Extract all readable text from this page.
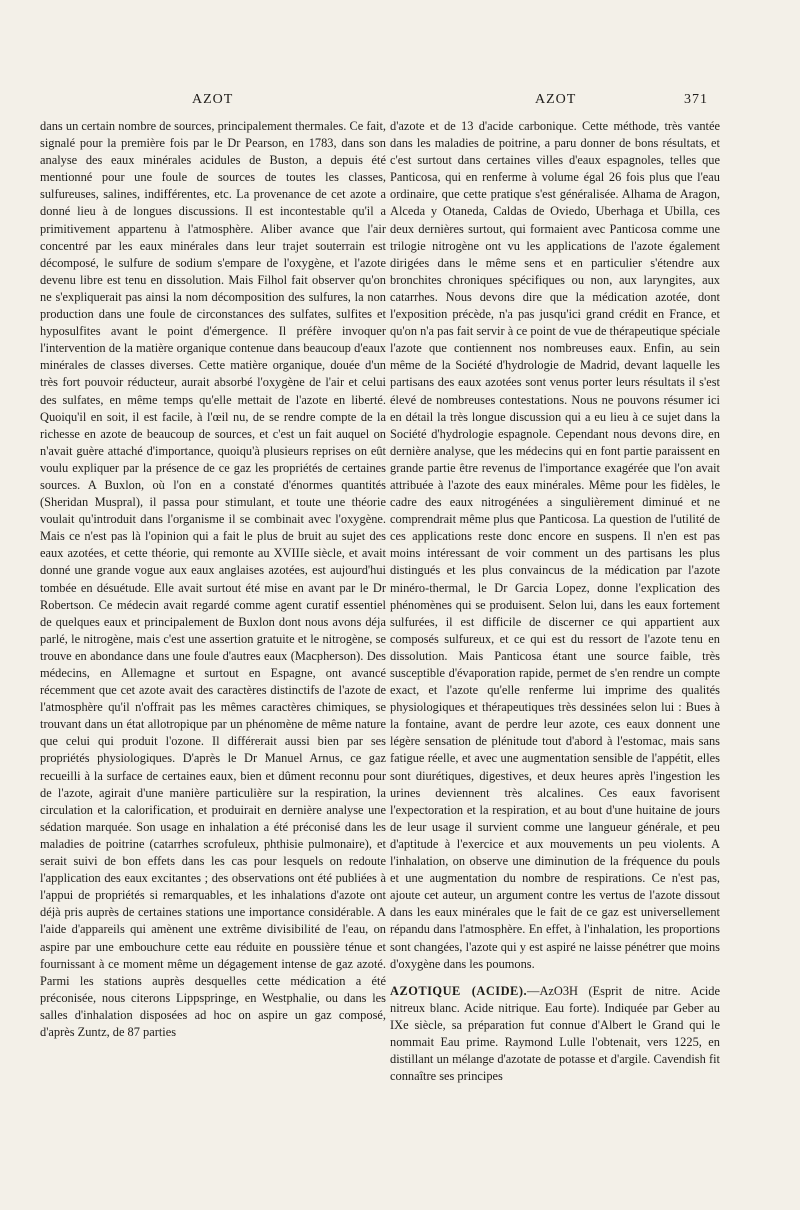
AZOT	AZOT	371

dans un certain nombre de sources, principalement thermales. Ce fait, signalé pour la première fois par le Dr Pearson, en 1783, dans son analyse des eaux minérales acidules de Buston, a depuis été mentionné pour une foule de sources de toutes les classes, sulfureuses, salines, indifférentes, etc. La provenance de cet azote a donné lieu à de longues discussions. Il est incontestable qu'il a primitivement appartenu à l'atmosphère. Aliber avance que l'air concentré par les eaux minérales dans leur trajet souterrain est décomposé, le sulfure de sodium s'empare de l'oxygène, et l'azote devenu libre est tenu en dissolution. Mais Filhol fait observer qu'on ne s'expliquerait pas ainsi la nom décomposition des sulfures, la non production dans une foule de circonstances des sulfates, sulfites et hyposulfites avant le point d'émergence. Il préfère invoquer l'intervention de la matière organique contenue dans beaucoup d'eaux minérales de classes diverses. Cette matière organique, douée d'un très fort pouvoir réducteur, aurait absorbé l'oxygène de l'air et celui des sulfates, en même temps qu'elle mettait de l'azote en liberté. Quoiqu'il en soit, il est facile, à l'œil nu, de se rendre compte de la richesse en azote de beaucoup de sources, et c'est un fait auquel on n'avait guère attaché d'importance, quoiqu'à plusieurs reprises on eût voulu expliquer par la présence de ce gaz les propriétés de certaines sources. A Buxlon, où l'on en a constaté d'énormes quantités (Sheridan Muspral), il passa pour stimulant, et toute une théorie voulait qu'introduit dans l'organisme il se combinait avec l'oxygène. Mais ce n'est pas là l'opinion qui a fait le plus de bruit au sujet des eaux azotées, et cette théorie, qui remonte au XVIIIe siècle, et avait donné une grande vogue aux eaux anglaises azotées, est aujourd'hui tombée en désuétude. Elle avait surtout été mise en avant par le Dr Robertson. Ce médecin avait regardé comme agent curatif essentiel de quelques eaux et principalement de Buxlon dont nous avons déja parlé, le nitrogène, mais c'est une assertion gratuite et le nitrogène, se trouve en abondance dans une foule d'autres eaux (Macpherson). Des médecins, en Allemagne et surtout en Espagne, ont avancé récemment que cet azote avait des caractères distinctifs de l'azote de l'atmosphère qu'il n'offrait pas les mêmes caractères chimiques, se trouvant dans un état allotropique par un phénomène de même nature que celui qui produit l'ozone. Il différerait aussi bien par ses propriétés physiologiques. D'après le Dr Manuel Arnus, ce gaz recueilli à la surface de certaines eaux, bien et dûment reconnu pour de l'azote, agirait d'une manière particulière sur la respiration, la circulation et la calorification, et produirait en dernière analyse une sédation marquée. Son usage en inhalation a été préconisé dans les maladies de poitrine (catarrhes scrofuleux, phthisie pulmonaire), et serait suivi de bon effets dans les cas pour lesquels on redoute l'application des eaux excitantes ; des observations ont été publiées à l'appui de propriétés si remarquables, et les inhalations d'azote ont déjà pris auprès de certaines stations une importance considérable. A l'aide d'appareils qui amènent une extrême divisibilité de l'eau, on aspire par une embouchure cette eau réduite en poussière ténue et fournissant à ce moment même un dégagement intense de gaz azoté. Parmi les stations auprès desquelles cette médication a été préconisée, nous citerons Lippspringe, en Westphalie, ou dans les salles d'inhalation disposées ad hoc on aspire un gaz composé, d'après Zuntz, de 87 parties

d'azote et de 13 d'acide carbonique. Cette méthode, très vantée dans les maladies de poitrine, a paru donner de bons résultats, et c'est surtout dans certaines villes d'eaux espagnoles, telles que Panticosa, qui en renferme à volume égal 26 fois plus que l'eau ordinaire, que cette pratique s'est généralisée. Alhama de Aragon, Alceda y Otaneda, Caldas de Oviedo, Uberhaga et Ubilla, ces deux dernières surtout, qui formaient avec Panticosa comme une trilogie nitrogène ont vu les applications de l'azote également dirigées dans le même sens et en particulier s'étendre aux bronchites chroniques spécifiques ou non, aux laryngites, aux catarrhes. Nous devons dire que la médication azotée, dont l'exposition précède, n'a pas jusqu'ici grand crédit en France, et qu'on n'a pas fait servir à ce point de vue de thérapeutique spéciale l'azote que contiennent nos nombreuses eaux. Enfin, au sein même de la Société d'hydrologie de Madrid, devant laquelle les partisans des eaux azotées sont venus porter leurs résultats il s'est élevé de nombreuses contestations. Nous ne pouvons résumer ici en détail la très longue discussion qui a eu lieu à ce sujet dans la Société d'hydrologie espagnole. Cependant nous devons dire, en dernière analyse, que les médecins qui en font partie paraissent en grande partie être revenus de l'importance exagérée que l'on avait attribuée à l'azote des eaux minérales. Même pour les fidèles, le cadre des eaux nitrogénées a singulièrement diminué et ne comprendrait même plus que Panticosa. La question de l'utilité de ces applications reste donc encore en suspens. Il n'en est pas moins intéressant de voir comment un des partisans les plus distingués et les plus convaincus de la médication par l'azote minéro-thermal, le Dr Garcia Lopez, donne l'explication des phénomènes qui se produisent. Selon lui, dans les eaux fortement sulfurées, il est difficile de discerner ce qui appartient aux composés sulfureux, et ce qui est du ressort de l'azote tenu en dissolution. Mais Panticosa étant une source faible, très susceptible d'évaporation rapide, permet de s'en rendre un compte exact, et l'azote qu'elle renferme lui imprime des qualités physiologiques et thérapeutiques très dessinées selon lui : Bues à la fontaine, avant de perdre leur azote, ces eaux donnent une légère sensation de plénitude tout d'abord à l'estomac, mais sans fatigue réelle, et avec une augmentation sensible de l'appétit, elles sont diurétiques, digestives, et deux heures après l'ingestion les urines deviennent très alcalines. Ces eaux favorisent l'expectoration et la respiration, et au bout d'une huitaine de jours de leur usage il survient comme une langueur générale, et peu d'aptitude à l'exercice et aux mouvements un peu violents. A l'inhalation, on observe une diminution de la fréquence du pouls et une augmentation du nombre de respirations. Ce n'est pas, ajoute cet auteur, un argument contre les vertus de l'azote dissout dans les eaux minérales que le fait de ce gaz est universellement répandu dans l'atmosphère. En effet, à l'inhalation, les proportions sont changées, l'azote qui y est aspiré ne laisse pénétrer que moins d'oxygène dans les poumons.

AZOTIQUE (ACIDE).—AzO3H (Esprit de nitre. Acide nitreux blanc. Acide nitrique. Eau forte). Indiquée par Geber au IXe siècle, sa préparation fut connue d'Albert le Grand qui le nommait Eau prime. Raymond Lulle l'obtenait, vers 1225, en distillant un mélange d'azotate de potasse et d'argile. Cavendish fit connaître ses principes
